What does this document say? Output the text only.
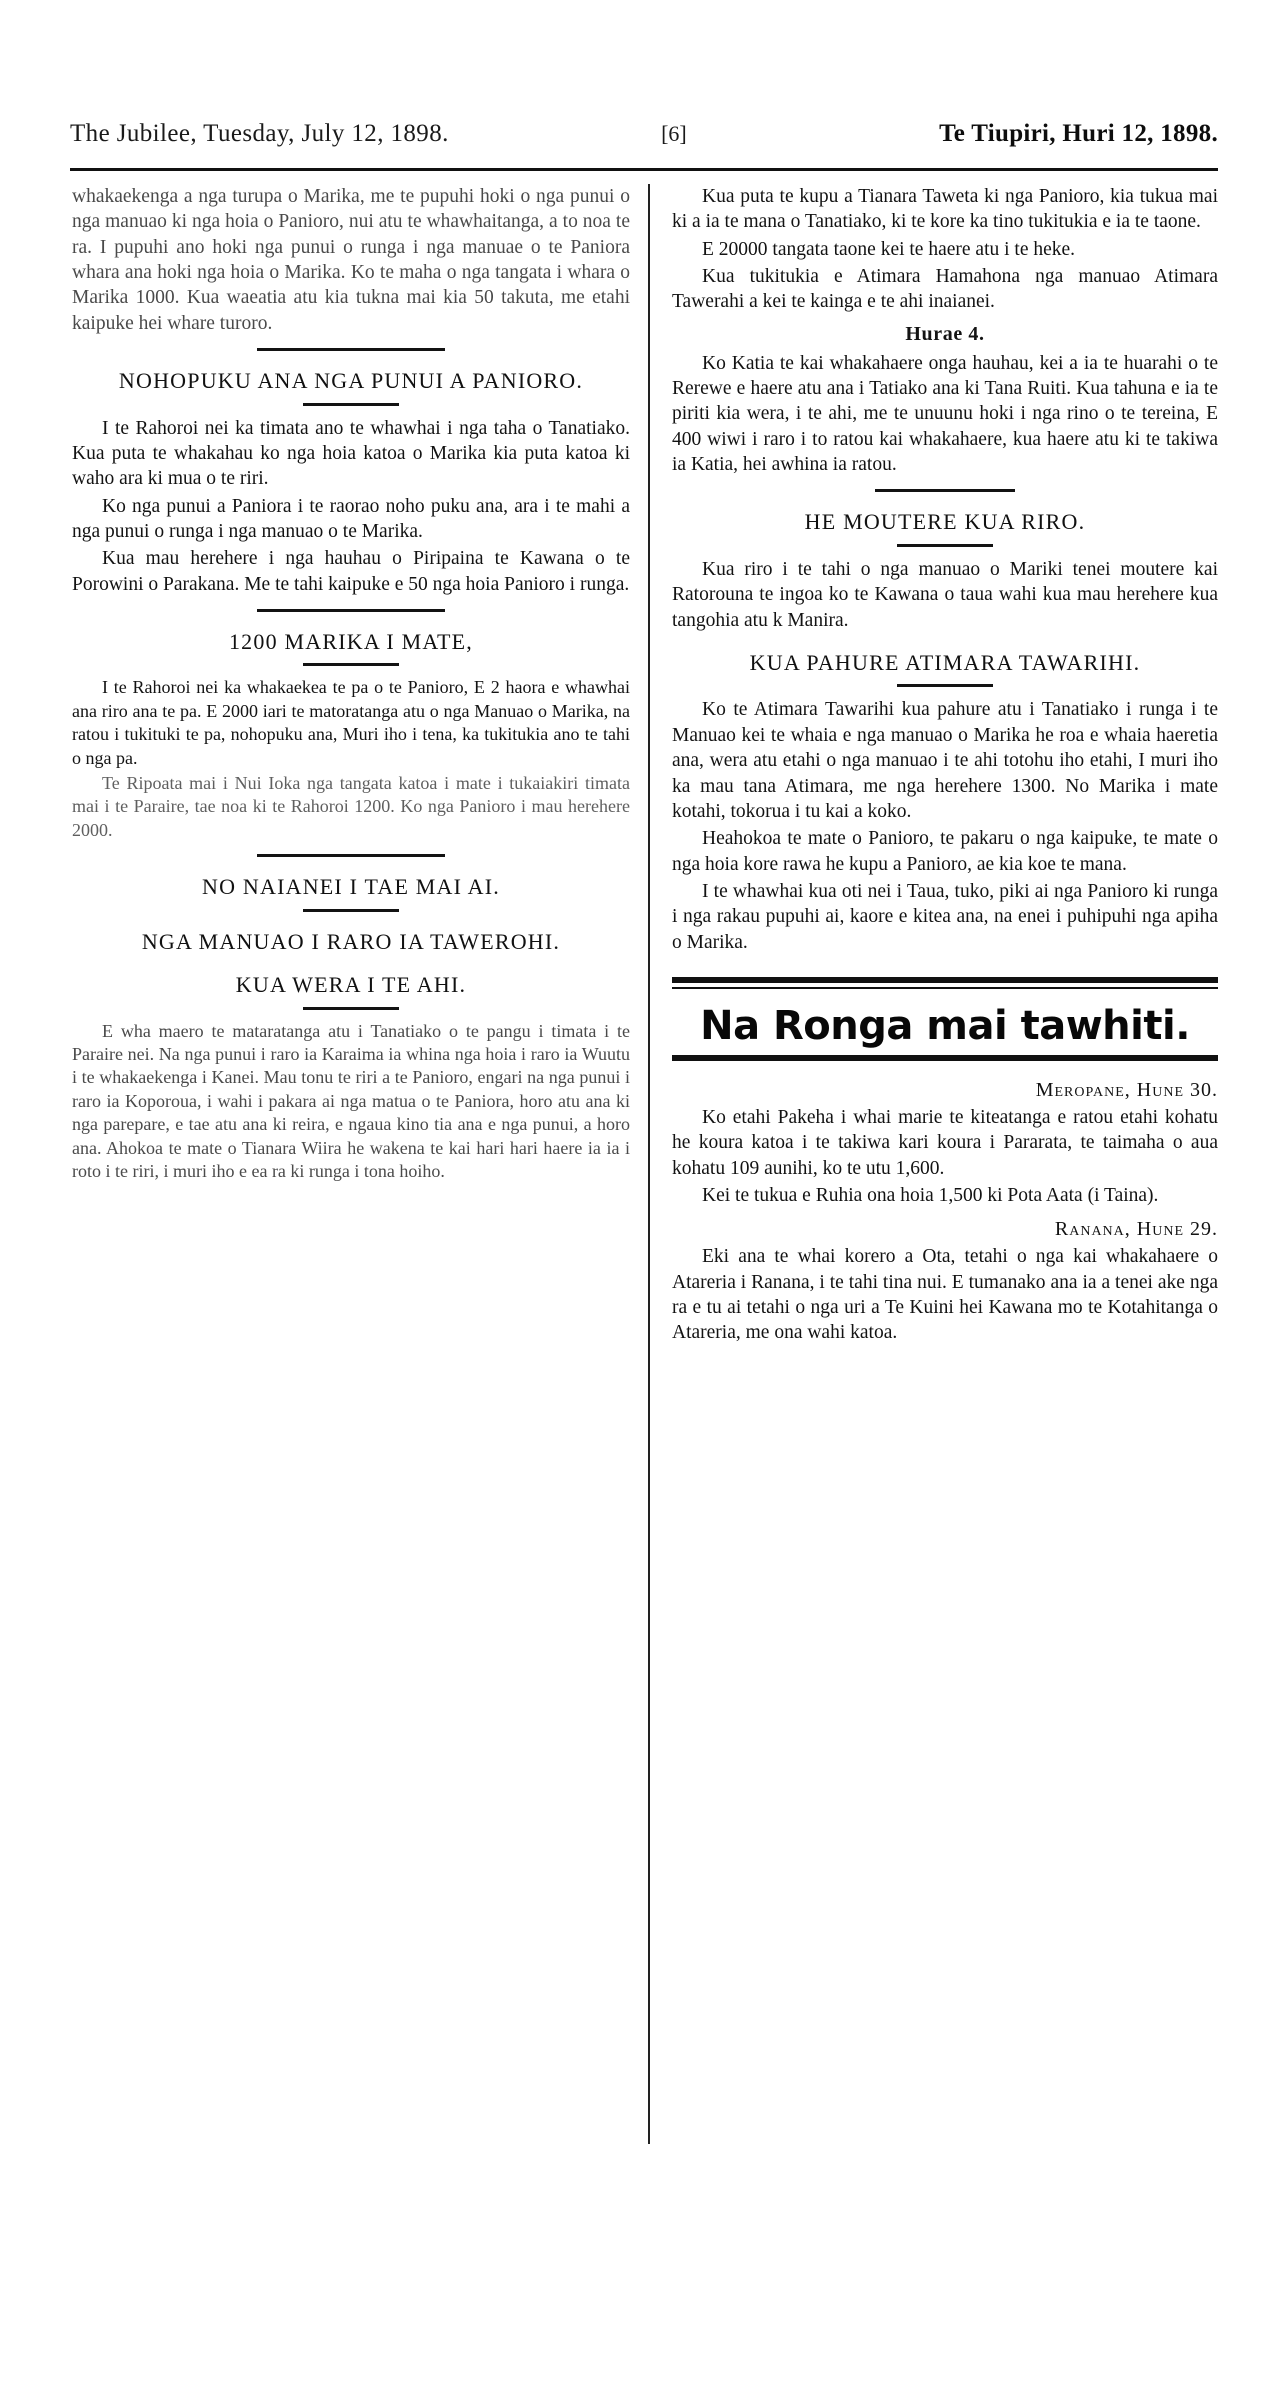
The Jubilee, Tuesday, July 12, 1898.	[6]	Te Tiupiri, Huri 12, 1898.

whakaekenga a nga turupa o Marika, me te pupuhi hoki o nga punui o nga manuao ki nga hoia o Panioro, nui atu te whawhaitanga, a to noa te ra. I pupuhi ano hoki nga punui o runga i nga manuae o te Paniora whara ana hoki nga hoia o Marika. Ko te maha o nga tangata i whara o Marika 1000. Kua waeatia atu kia tukna mai kia 50 takuta, me etahi kaipuke hei whare turoro.

NOHOPUKU ANA NGA PUNUI A PANIORO.

I te Rahoroi nei ka timata ano te whawhai i nga taha o Tanatiako. Kua puta te whakahau ko nga hoia katoa o Marika kia puta katoa ki waho ara ki mua o te riri.

Ko nga punui a Paniora i te raorao noho puku ana, ara i te mahi a nga punui o runga i nga manuao o te Marika.

Kua mau herehere i nga hauhau o Piripaina te Kawana o te Porowini o Parakana. Me te tahi kaipuke e 50 nga hoia Panioro i runga.

1200 MARIKA I MATE,

I te Rahoroi nei ka whakaekea te pa o te Panioro, E 2 haora e whawhai ana riro ana te pa. E 2000 iari te matoratanga atu o nga Manuao o Marika, na ratou i tukituki te pa, nohopuku ana, Muri iho i tena, ka tukitukia ano te tahi o nga pa.

Te Ripoata mai i Nui Ioka nga tangata katoa i mate i tukaiakiri timata mai i te Paraire, tae noa ki te Rahoroi 1200. Ko nga Panioro i mau herehere 2000.

NO NAIANEI I TAE MAI AI.
NGA MANUAO I RARO IA TAWEROHI.
KUA WERA I TE AHI.

E wha maero te mataratanga atu i Tanatiako o te pangu i timata i te Paraire nei. Na nga punui i raro ia Karaima ia whina nga hoia i raro ia Wuutu i te whakaekenga i Kanei. Mau tonu te riri a te Panioro, engari na nga punui i raro ia Koporoua, i wahi i pakara ai nga matua o te Paniora, horo atu ana ki nga parepare, e tae atu ana ki reira, e ngaua kino tia ana e nga punui, a horo ana. Ahokoa te mate o Tianara Wiira he wakena te kai hari hari haere ia ia i roto i te riri, i muri iho e ea ra ki runga i tona hoiho.

Kua puta te kupu a Tianara Taweta ki nga Panioro, kia tukua mai ki a ia te mana o Tanatiako, ki te kore ka tino tukitukia e ia te taone.

E 20000 tangata taone kei te haere atu i te heke.

Kua tukitukia e Atimara Hamahona nga manuao Atimara Tawerahi a kei te kainga e te ahi inaianei.

Hurae 4.

Ko Katia te kai whakahaere onga hauhau, kei a ia te huarahi o te Rerewe e haere atu ana i Tatiako ana ki Tana Ruiti. Kua tahuna e ia te piriti kia wera, i te ahi, me te unuunu hoki i nga rino o te tereina, E 400 wiwi i raro i to ratou kai whakahaere, kua haere atu ki te takiwa ia Katia, hei awhina ia ratou.

HE MOUTERE KUA RIRO.

Kua riro i te tahi o nga manuao o Mariki tenei moutere kai Ratorouna te ingoa ko te Kawana o taua wahi kua mau herehere kua tangohia atu k Manira.

KUA PAHURE ATIMARA TAWARIHI.

Ko te Atimara Tawarihi kua pahure atu i Tanatiako i runga i te Manuao kei te whaia e nga manuao o Marika he roa e whaia haeretia ana, wera atu etahi o nga manuao i te ahi totohu iho etahi, I muri iho ka mau tana Atimara, me nga herehere 1300. No Marika i mate kotahi, tokorua i tu kai a koko.

Heahokoa te mate o Panioro, te pakaru o nga kaipuke, te mate o nga hoia kore rawa he kupu a Panioro, ae kia koe te mana.

I te whawhai kua oti nei i Taua, tuko, piki ai nga Panioro ki runga i nga rakau pupuhi ai, kaore e kitea ana, na enei i puhipuhi nga apiha o Marika.

Na Ronga mai tawhiti.

Meropane, Hune 30.

Ko etahi Pakeha i whai marie te kiteatanga e ratou etahi kohatu he koura katoa i te takiwa kari koura i Pararata, te taimaha o aua kohatu 109 aunihi, ko te utu 1,600.

Kei te tukua e Ruhia ona hoia 1,500 ki Pota Aata (i Taina).

Ranana, Hune 29.

Eki ana te whai korero a Ota, tetahi o nga kai whakahaere o Atareria i Ranana, i te tahi tina nui. E tumanako ana ia a tenei ake nga ra e tu ai tetahi o nga uri a Te Kuini hei Kawana mo te Kotahitanga o Atareria, me ona wahi katoa.
